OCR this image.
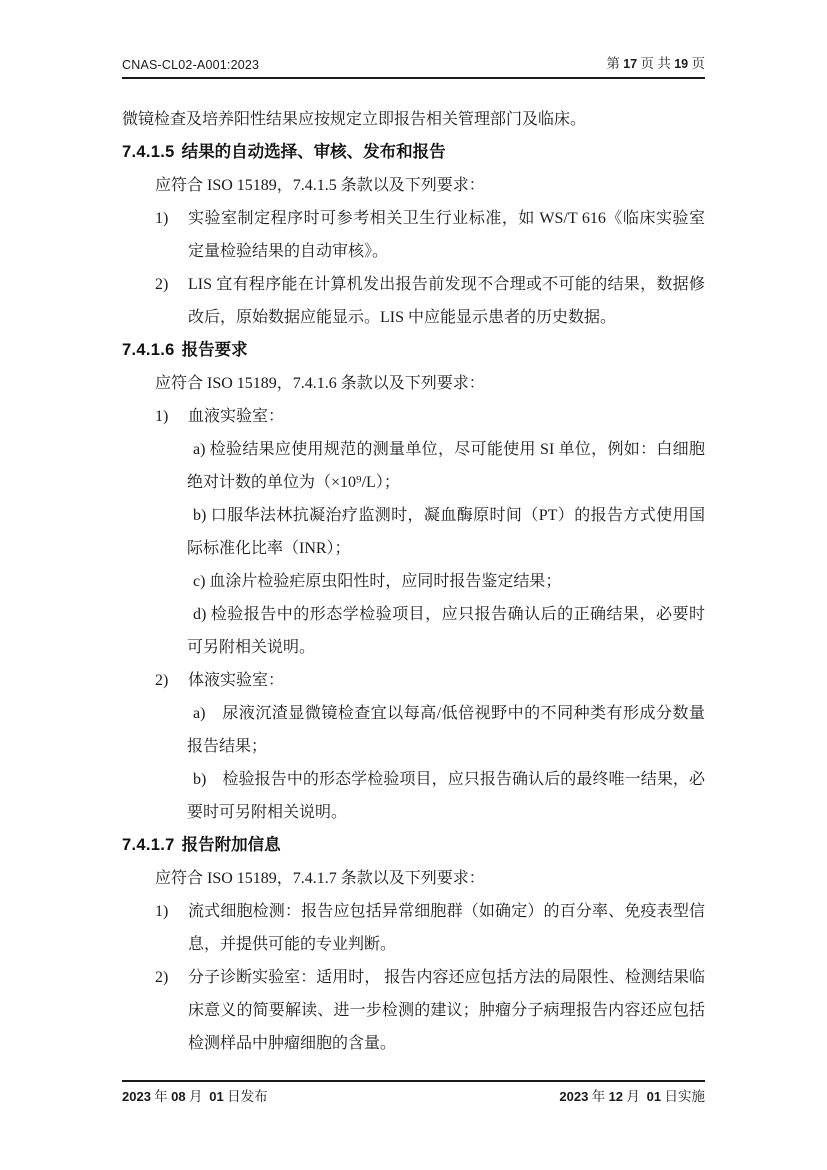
CNAS-CL02-A001:2023	第 17 页 共 19 页

微镜检查及培养阳性结果应按规定立即报告相关管理部门及临床。

7.4.1.5 结果的自动选择、审核、发布和报告

应符合 ISO 15189，7.4.1.5 条款以及下列要求：

1) 实验室制定程序时可参考相关卫生行业标准，如 WS/T 616《临床实验室定量检验结果的自动审核》。
2) LIS 宜有程序能在计算机发出报告前发现不合理或不可能的结果，数据修改后，原始数据应能显示。LIS 中应能显示患者的历史数据。
7.4.1.6 报告要求

应符合 ISO 15189，7.4.1.6 条款以及下列要求：

1) 血液实验室：
a) 检验结果应使用规范的测量单位，尽可能使用 SI 单位，例如：白细胞绝对计数的单位为（×10⁹/L）；
b) 口服华法林抗凝治疗监测时，凝血酶原时间（PT）的报告方式使用国际标准化比率（INR）；
c) 血涂片检验疟原虫阳性时，应同时报告鉴定结果；
d) 检验报告中的形态学检验项目，应只报告确认后的正确结果，必要时可另附相关说明。
2) 体液实验室：
a)　尿液沉渣显微镜检查宜以每高/低倍视野中的不同种类有形成分数量报告结果；
b)　检验报告中的形态学检验项目，应只报告确认后的最终唯一结果，必要时可另附相关说明。
7.4.1.7 报告附加信息

应符合 ISO 15189，7.4.1.7 条款以及下列要求：

1) 流式细胞检测：报告应包括异常细胞群（如确定）的百分率、免疫表型信息，并提供可能的专业判断。
2) 分子诊断实验室：适用时， 报告内容还应包括方法的局限性、检测结果临床意义的简要解读、进一步检测的建议；肿瘤分子病理报告内容还应包括检测样品中肿瘤细胞的含量。
2023 年 08 月  01 日发布	2023 年 12 月  01 日实施
